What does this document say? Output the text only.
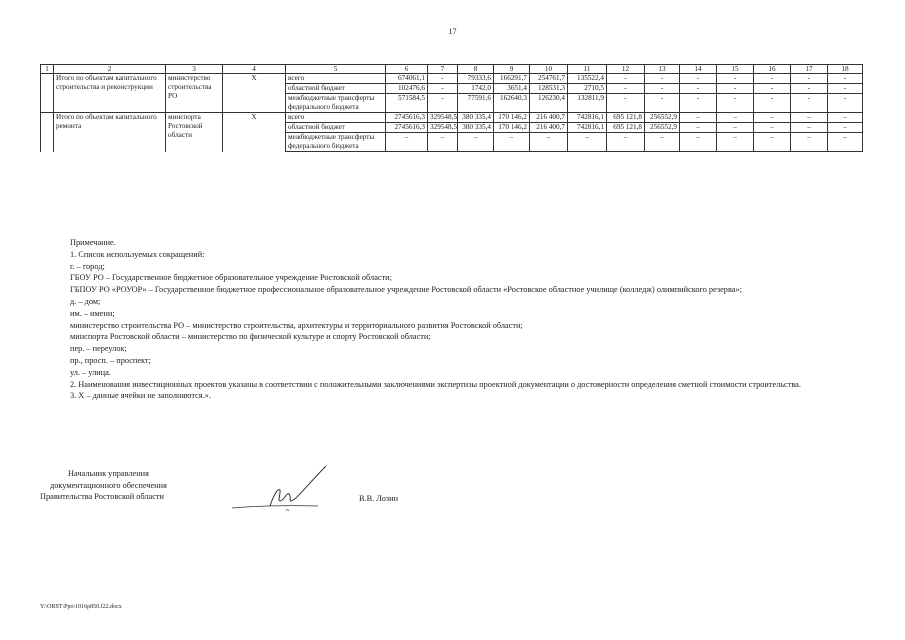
17
1	2	3	4	5	6	7	8	9	10	11	12	13	14	15	16	17	18
	Итого по объектам капитального строительства и реконструкции	министерство строительства РО	Х	всего	674061,1	-	79333,6	166291,7	254761,7	135522,4	-	-	-	-	-	-	-
				областной бюджет	102476,6	-	1742,0	3651,4	128531,3	2710,5	-	-	-	-	-	-	-
				межбюджетные трансферты федерального бюджета	571584,5	-	77591,6	162640,3	126230,4	132811,9	-	-	-	-	-	-	-
	Итого по объектам капитального ремонта	минспорта Ростовской области	Х	всего	2745616,3	329548,5	380 335,4	170 146,2	216 400,7	742816,1	695 121,8	256552,9	–	–	–	–	–
				областной бюджет	2745616,3	329548,5	380 335,4	170 146,2	216 400,7	742816,1	695 121,8	256552,9	–	–	–	–	–
				межбюджетные трансферты федерального бюджета	–	–	–	–	–	–	–	–	–	–	–	–	–

Примечание.

1. Список используемых сокращений:

г. – город;

ГБОУ РО – Государственное бюджетное образовательное учреждение Ростовской области;

ГБПОУ РО «РОУОР» – Государственное бюджетное профессиональное образовательное учреждение Ростовской области «Ростовское областное училище (колледж) олимпийского резерва»;

д. – дом;

им. – имени;

министерство строительства РО – министерство строительства, архитектуры и территориального развития Ростовской области;

минспорта Ростовской области – министерство по физической культуре и спорту Ростовской области;

пер. – переулок;

пр., просп. – проспект;

ул. – улица.

2. Наименования инвестиционных проектов указаны в соответствии с положительными заключениями экспертизы проектной документации о достоверности определения сметной стоимости строительства.

3. Х – данные ячейки не заполняются.».

Начальник управления
документационного обеспечения
Правительства Ростовской области	В.В. Лозин
Y:\ORST\Ppo\1016p850.f22.docx
